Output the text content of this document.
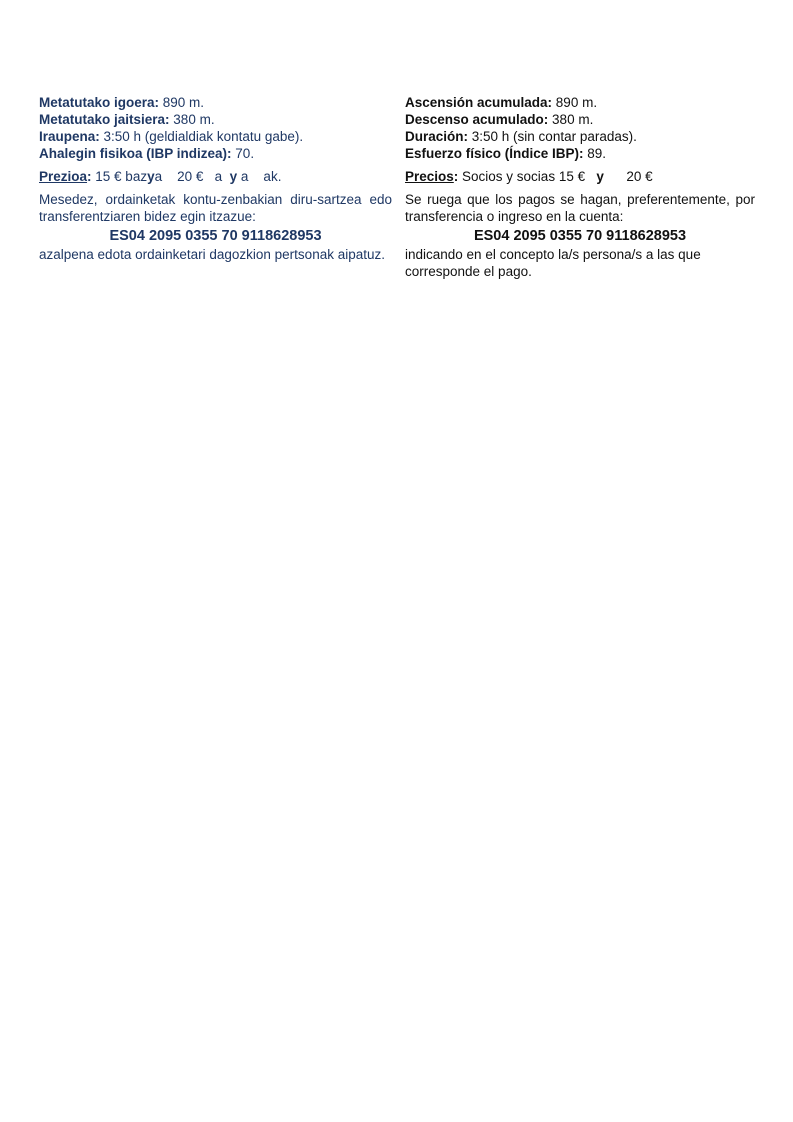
Metatutako igoera: 890 m.
Metatutako jaitsiera: 380 m.
Iraupena: 3:50 h (geldialdiak kontatu gabe).
Ahalegin fisikoa (IBP indizea): 70.
Prezioa: 15 € bazya    20 €   a  y a    ak.
Mesedez, ordainketak kontu-zenbakian diru-sartzea edo transferentziaren bidez egin itzazue:
ES04 2095 0355 70 9118628953
azalpena edota ordainketari dagozkion pertsonak aipatuz.
Ascensión acumulada: 890 m.
Descenso acumulado: 380 m.
Duración: 3:50 h (sin contar paradas).
Esfuerzo físico (Índice IBP): 89.
Precios: Socios y socias 15 €   y      20 €
Se ruega que los pagos se hagan, preferentemente, por transferencia o ingreso en la cuenta:
ES04 2095 0355 70 9118628953
indicando en el concepto la/s persona/s a las que corresponde el pago.
